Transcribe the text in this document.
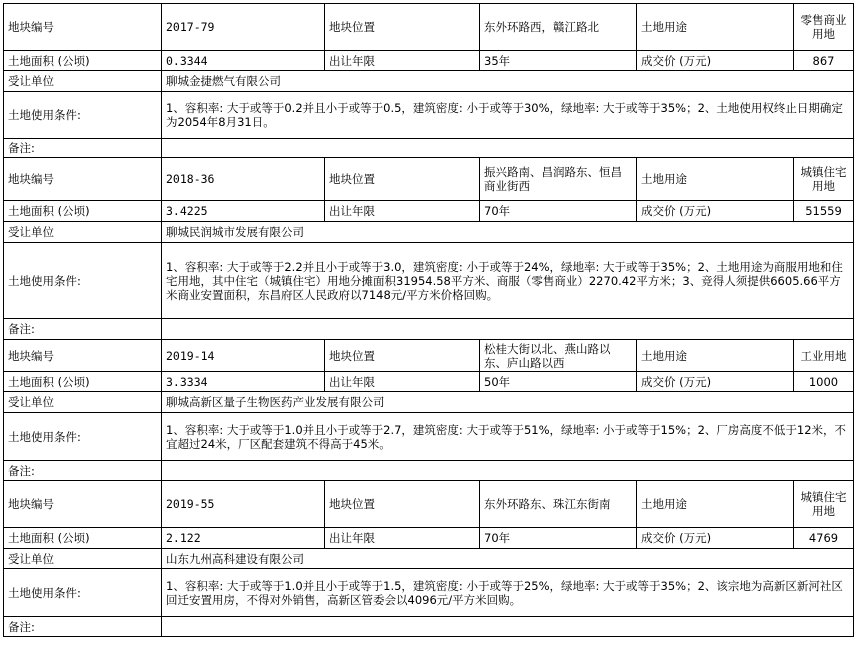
地块编号	2017-79	地块位置	东外环路西，赣江路北	土地用途	零售商业用地
土地面积 (公顷)	0.3344	出让年限	35年	成交价 (万元)	867
受让单位	聊城金捷燃气有限公司				
土地使用条件:	1、容积率: 大于或等于0.2并且小于或等于0.5，建筑密度: 小于或等于30%，绿地率: 大于或等于35%；2、土地使用权终止日期确定为2054年8月31日。				
备注:					
地块编号	2018-36	地块位置	振兴路南、昌润路东、恒昌商业街西	土地用途	城镇住宅用地
土地面积 (公顷)	3.4225	出让年限	70年	成交价 (万元)	51559
受让单位	聊城民润城市发展有限公司				
土地使用条件:	1、容积率: 大于或等于2.2并且小于或等于3.0，建筑密度: 小于或等于24%，绿地率: 大于或等于35%；2、土地用途为商服用地和住宅用地，其中住宅（城镇住宅）用地分摊面积31954.58平方米、商服（零售商业）2270.42平方米；3、竞得人须提供6605.66平方米商业安置面积，东昌府区人民政府以7148元/平方米价格回购。				
备注:					
地块编号	2019-14	地块位置	松桂大街以北、燕山路以东、庐山路以西	土地用途	工业用地
土地面积 (公顷)	3.3334	出让年限	50年	成交价 (万元)	1000
受让单位	聊城高新区量子生物医药产业发展有限公司				
土地使用条件:	1、容积率: 大于或等于1.0并且小于或等于2.7，建筑密度: 大于或等于51%，绿地率: 小于或等于15%；2、厂房高度不低于12米，不宜超过24米，厂区配套建筑不得高于45米。				
备注:					
地块编号	2019-55	地块位置	东外环路东、珠江东街南	土地用途	城镇住宅用地
土地面积 (公顷)	2.122	出让年限	70年	成交价 (万元)	4769
受让单位	山东九州高科建设有限公司				
土地使用条件:	1、容积率: 大于或等于1.0并且小于或等于1.5，建筑密度: 小于或等于25%，绿地率: 大于或等于35%；2、该宗地为高新区新河社区回迁安置用房，不得对外销售，高新区管委会以4096元/平方米回购。				
备注:					
